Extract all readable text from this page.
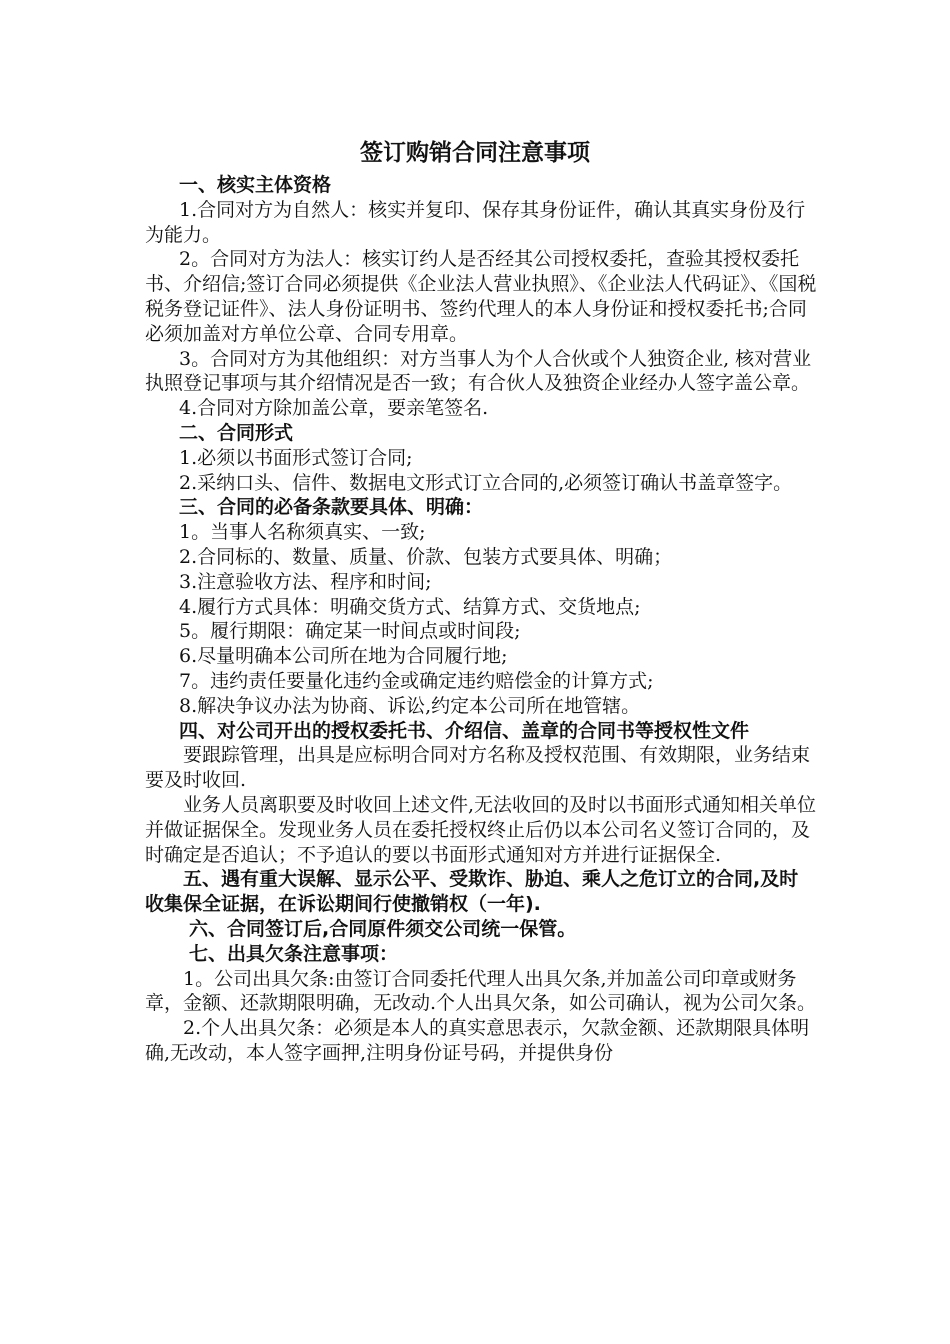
签订购销合同注意事项

一、核实主体资格

1.合同对方为自然人：核实并复印、保存其身份证件，确认其真实身份及行为能力。

2。合同对方为法人：核实订约人是否经其公司授权委托，查验其授权委托书、介绍信;签订合同必须提供《企业法人营业执照》、《企业法人代码证》、《国税税务登记证件》、法人身份证明书、签约代理人的本人身份证和授权委托书;合同必须加盖对方单位公章、合同专用章。

3。合同对方为其他组织：对方当事人为个人合伙或个人独资企业, 核对营业执照登记事项与其介绍情况是否一致；有合伙人及独资企业经办人签字盖公章。

4.合同对方除加盖公章，要亲笔签名.

二、合同形式

1.必须以书面形式签订合同;

2.采纳口头、信件、数据电文形式订立合同的,必须签订确认书盖章签字。

三、合同的必备条款要具体、明确：

1。当事人名称须真实、一致;

2.合同标的、数量、质量、价款、包装方式要具体、明确；

3.注意验收方法、程序和时间;

4.履行方式具体：明确交货方式、结算方式、交货地点;

5。履行期限：确定某一时间点或时间段;

6.尽量明确本公司所在地为合同履行地;

7。违约责任要量化违约金或确定违约赔偿金的计算方式;

8.解决争议办法为协商、诉讼,约定本公司所在地管辖。

四、对公司开出的授权委托书、介绍信、盖章的合同书等授权性文件

要跟踪管理，出具是应标明合同对方名称及授权范围、有效期限，业务结束要及时收回.

业务人员离职要及时收回上述文件,无法收回的及时以书面形式通知相关单位并做证据保全。发现业务人员在委托授权终止后仍以本公司名义签订合同的，及时确定是否追认；不予追认的要以书面形式通知对方并进行证据保全.

五、遇有重大误解、显示公平、受欺诈、胁迫、乘人之危订立的合同,及时收集保全证据，在诉讼期间行使撤销权（一年).

六、合同签订后,合同原件须交公司统一保管。

七、出具欠条注意事项：

1。公司出具欠条:由签订合同委托代理人出具欠条,并加盖公司印章或财务章，金额、还款期限明确，无改动.个人出具欠条，如公司确认，视为公司欠条。

2.个人出具欠条：必须是本人的真实意思表示，欠款金额、还款期限具体明确,无改动，本人签字画押,注明身份证号码，并提供身份
